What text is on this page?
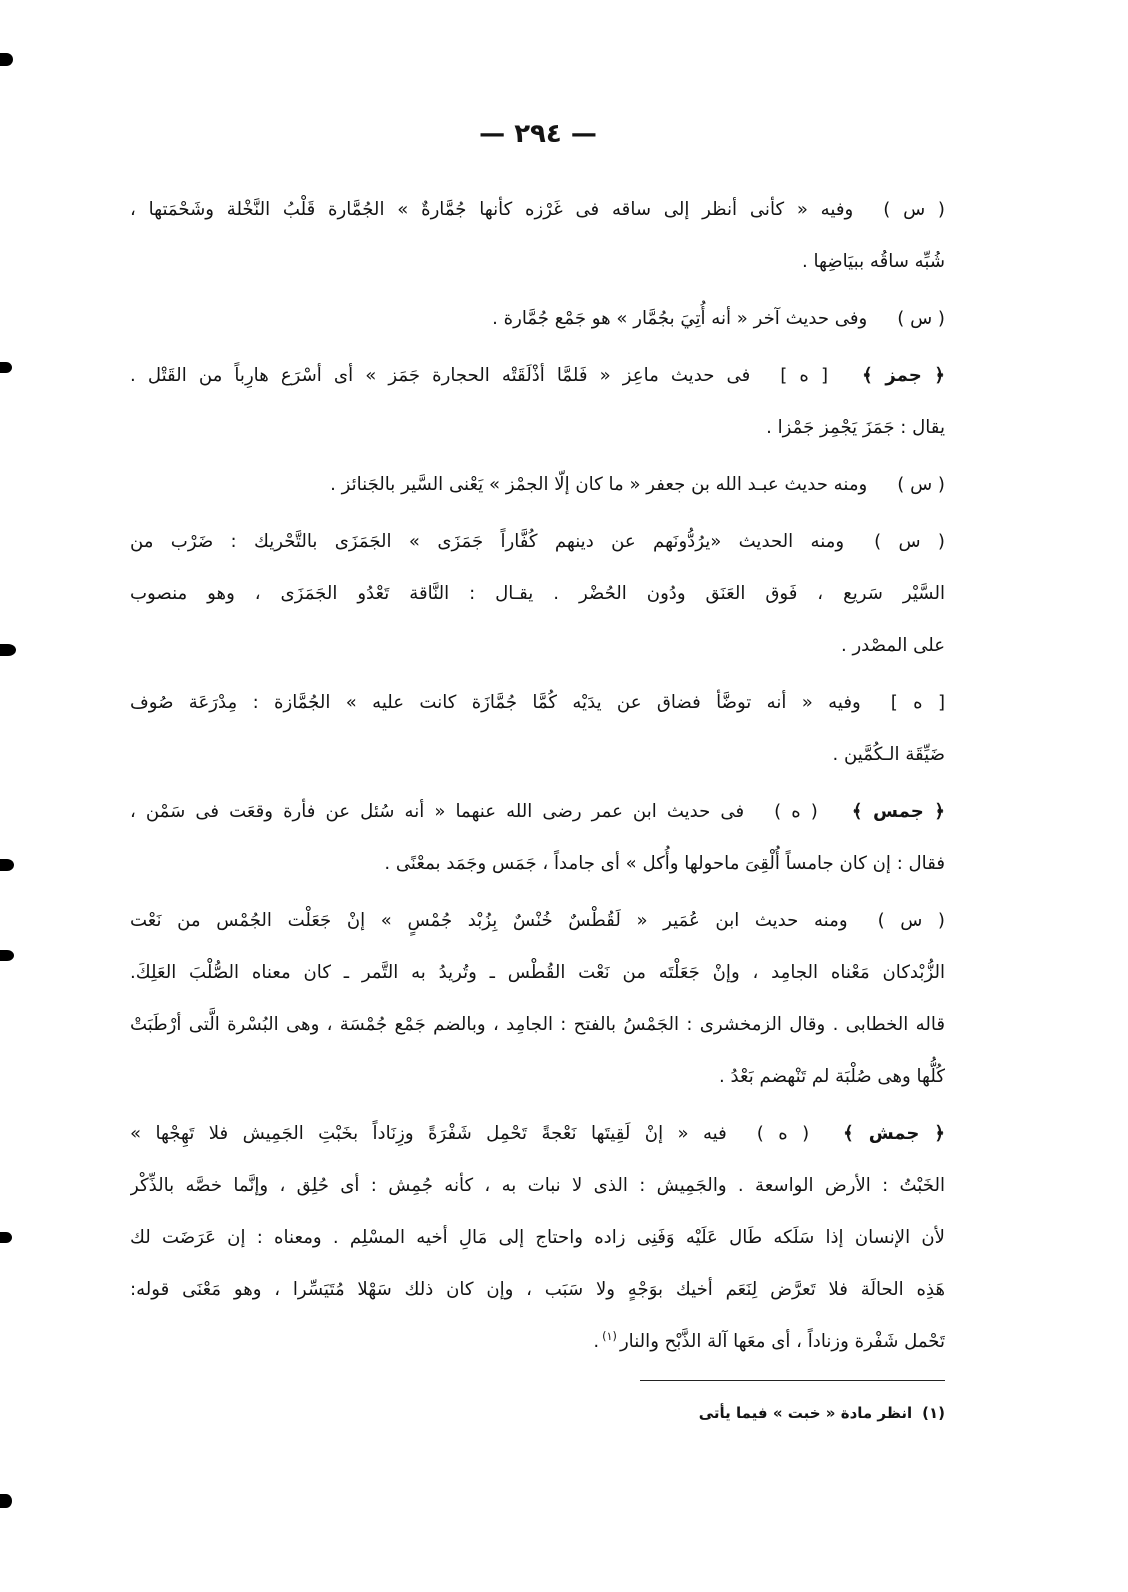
— ٢٩٤ —
( س )وفيه « كأنى أنظر إلى ساقه فى غَرْزه كأنها جُمَّارةٌ » الجُمَّارة قَلْبُ النَّخْلة وشَحْمَتها ،
شُبِّه ساقُه ببيَاضِها .
( س )وفى حديث آخر « أنه أُتِيَ بجُمَّار » هو جَمْع جُمَّارة .
﴿ جمز ﴾[ ه ]فى حديث ماعِز « فَلمَّا أذْلَقَتْه الحجارة جَمَز » أى أسْرَع هارِباً من القَتْل .
يقال : جَمَزَ يَجْمِز جَمْزا .
( س )ومنه حديث عبـد الله بن جعفر « ما كان إلّا الجمْز » يَعْنى السَّير بالجَنائز .
( س )ومنه الحديث «يرُدُّونَهم عن دينهم كُفَّاراً جَمَزَى » الجَمَزَى بالتَّحْريك : ضَرْب من
السَّيْر سَريع ، فَوق العَنَق ودُون الحُضْر . يقـال : النَّاقة تَعْدُو الجَمَزَى ، وهو منصوب
على المصْدر .
[ ه ]وفيه « أنه توضَّأ فضاق عن يدَيْه كُمَّا جُمَّازَة كانت عليه » الجُمَّازة : مِدْرَعَة صُوف
ضَيِّقَة الـكُمَّين .
﴿ جمس ﴾( ه )فى حديث ابن عمر رضى الله عنهما « أنه سُئل عن فأرة وقعَت فى سَمْن ،
فقال : إن كان جامساً أُلْقِىَ ماحولها وأُكل » أى جامداً ، جَمَس وجَمَد بمعْنًى .
( س )ومنه حديث ابن عُمَير « لَقُطْسٌ خُنْسٌ بِزُبْد جُمْسٍ » إنْ جَعَلْت الجُمْس من نَعْت
الزُّبْدكان مَعْناه الجامِد ، وإنْ جَعَلْتَه من نَعْت القُطْس ـ وتُريدُ به التَّمر ـ كان معناه الصُّلْبَ العَلِكَ.
قاله الخطابى . وقال الزمخشرى : الجَمْسُ بالفتح : الجامِد ، وبالضم جَمْع جُمْسَة ، وهى البُسْرة الَّتى أرْطَبَتْ
كُلُّها وهى صُلْبَة لم تَنْهضم بَعْدُ .
﴿ جمش ﴾( ه )فيه « إنْ لَقِيتَها نَعْجةً تَحْمِل شَفْرَةً وزِنَاداً بخَبْتِ الجَمِيش فلا تَهِجْها »
الخَبْتُ : الأرض الواسعة . والجَمِيش : الذى لا نبات به ، كأنه جُمِش : أى حُلِق ، وإنَّما خصَّه بالذِّكْر
لأن الإنسان إذا سَلَكه طَال عَلَيْه وَفَنِى زاده واحتاج إلى مَالِ أخيه المسْلِم . ومعناه : إن عَرَضَت لك
هَذِه الحالَة فلا تَعرَّض لِنَعَم أخيك بوَجْهٍ ولا سَبَب ، وإن كان ذلك سَهْلا مُتَيَسِّرا ، وهو مَعْنَى قوله:
تَحْمل شَفْرة وزناداً ، أى معَها آلة الذَّبْح والنار$^{(١)}$.
(١)انظر مادة « خبت » فيما يأتى
